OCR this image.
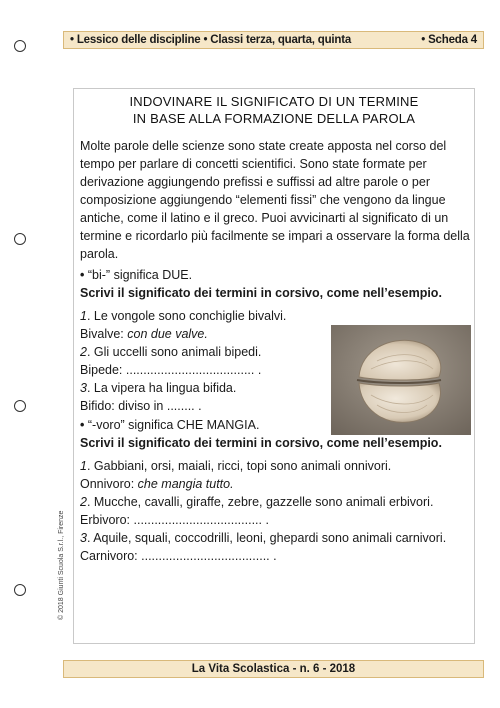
• Lessico delle discipline • Classi terza, quarta, quinta	• Scheda 4
INDOVINARE IL SIGNIFICATO DI UN TERMINE
IN BASE ALLA FORMAZIONE DELLA PAROLA

Molte parole delle scienze sono state create apposta nel corso del tempo per parlare di concetti scientifici. Sono state formate per derivazione aggiungendo prefissi e suffissi ad altre parole o per composizione aggiungendo “elementi fissi” che vengono da lingue antiche, come il latino e il greco. Puoi avvicinarti al significato di un termine e ricordarlo più facilmente se impari a osservare la forma della parola.

• “bi-” significa DUE.

Scrivi il significato dei termini in corsivo, come nell’esempio.

1. Le vongole sono conchiglie bivalvi.
Bivalve: con due valve.
2. Gli uccelli sono animali bipedi.
Bipede: ..................................... .
3. La vipera ha lingua bifida.
Bifido: diviso in ........ .

• “-voro” significa CHE MANGIA.

Scrivi il significato dei termini in corsivo, come nell’esempio.

1. Gabbiani, orsi, maiali, ricci, topi sono animali onnivori.
Onnivoro: che mangia tutto.
2. Mucche, cavalli, giraffe, zebre, gazzelle sono animali erbivori.
Erbivoro: ..................................... .
3. Aquile, squali, coccodrilli, leoni, ghepardi sono animali carnivori.
Carnivoro: ..................................... .
© 2018 Giunti Scuola S.r.l., Firenze
La Vita Scolastica - n. 6 - 2018
